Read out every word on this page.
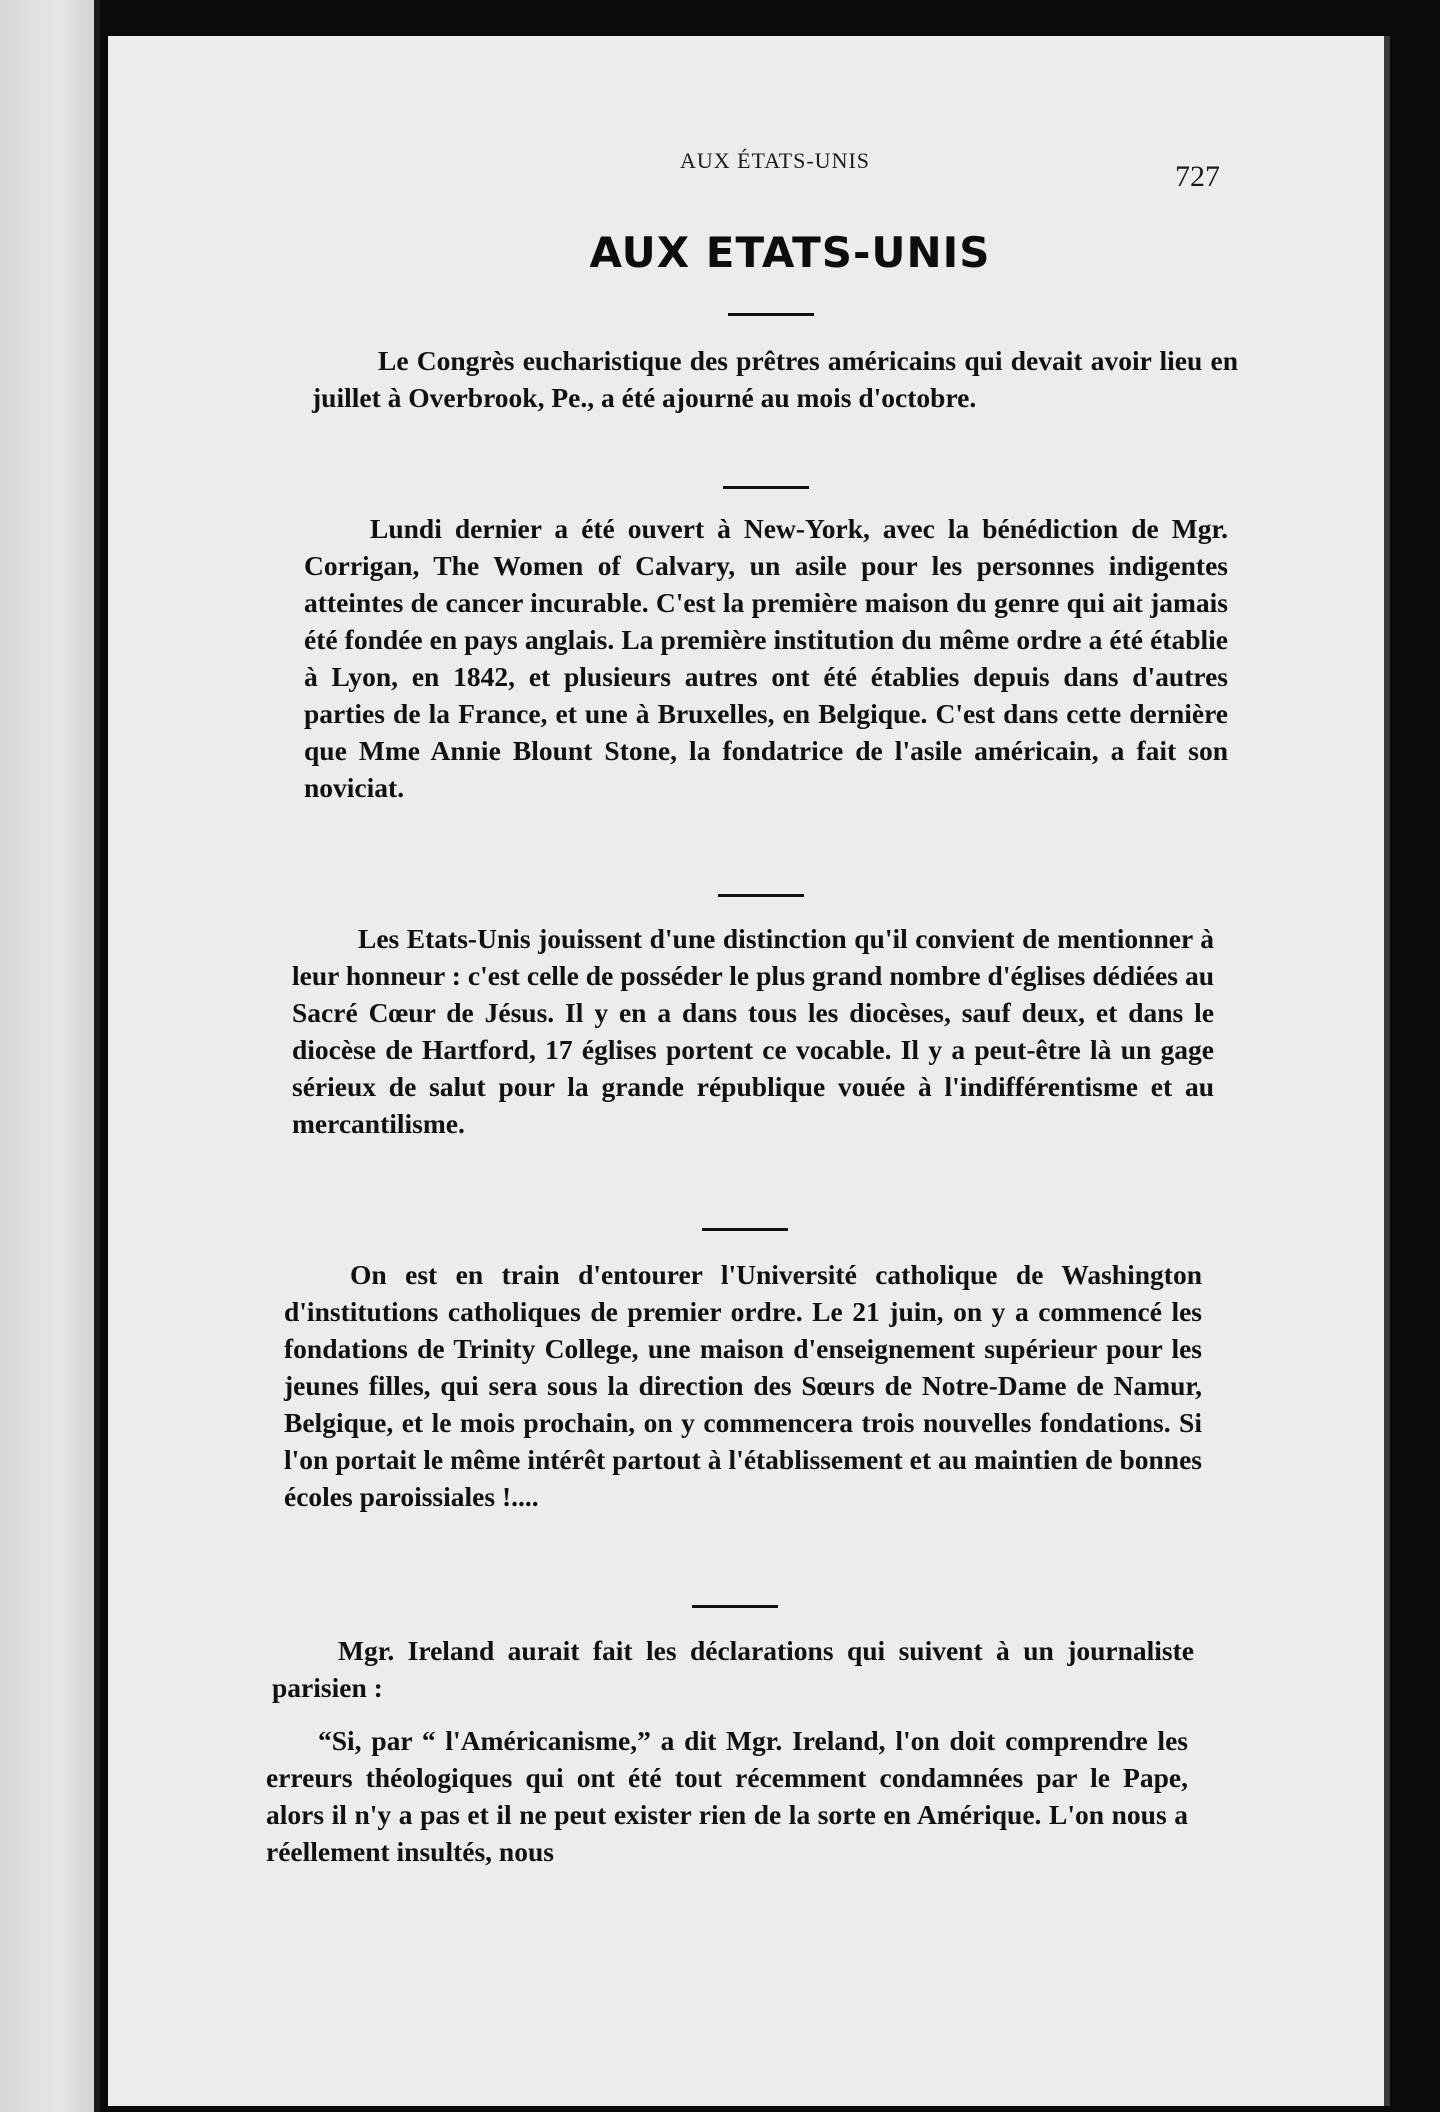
AUX ÉTATS-UNIS	727
AUX ETATS-UNIS

Le Congrès eucharistique des prêtres américains qui devait avoir lieu en juillet à Overbrook, Pe., a été ajourné au mois d'octobre.

Lundi dernier a été ouvert à New-York, avec la bénédiction de Mgr. Corrigan, The Women of Calvary, un asile pour les personnes indigentes atteintes de cancer incurable. C'est la première maison du genre qui ait jamais été fondée en pays anglais. La première institution du même ordre a été établie à Lyon, en 1842, et plusieurs autres ont été établies depuis dans d'autres parties de la France, et une à Bruxelles, en Belgique. C'est dans cette dernière que Mme Annie Blount Stone, la fondatrice de l'asile américain, a fait son noviciat.

Les Etats-Unis jouissent d'une distinction qu'il convient de mentionner à leur honneur : c'est celle de posséder le plus grand nombre d'églises dédiées au Sacré Cœur de Jésus. Il y en a dans tous les diocèses, sauf deux, et dans le diocèse de Hartford, 17 églises portent ce vocable. Il y a peut-être là un gage sérieux de salut pour la grande république vouée à l'indifférentisme et au mercantilisme.

On est en train d'entourer l'Université catholique de Washington d'institutions catholiques de premier ordre. Le 21 juin, on y a commencé les fondations de Trinity College, une maison d'enseignement supérieur pour les jeunes filles, qui sera sous la direction des Sœurs de Notre-Dame de Namur, Belgique, et le mois prochain, on y commencera trois nouvelles fondations. Si l'on portait le même intérêt partout à l'établissement et au maintien de bonnes écoles paroissiales !....

Mgr. Ireland aurait fait les déclarations qui suivent à un journaliste parisien :

“Si, par “ l'Américanisme,” a dit Mgr. Ireland, l'on doit comprendre les erreurs théologiques qui ont été tout récemment condamnées par le Pape, alors il n'y a pas et il ne peut exister rien de la sorte en Amérique. L'on nous a réellement insultés, nous
